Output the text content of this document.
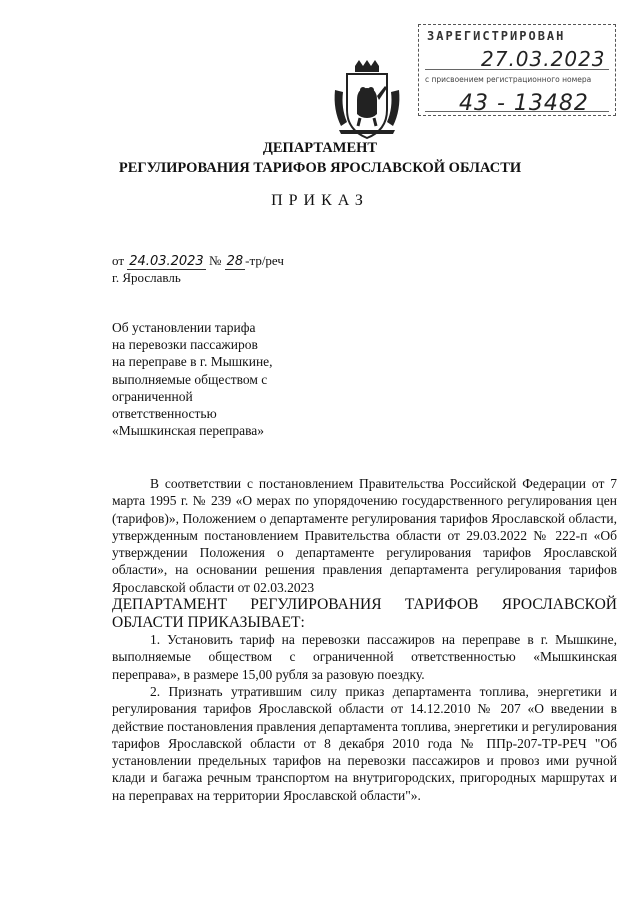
ЗАРЕГИСТРИРОВАН
27.03.2023
с присвоением регистрационного номера
43 - 13482
ДЕПАРТАМЕНТ
РЕГУЛИРОВАНИЯ ТАРИФОВ ЯРОСЛАВСКОЙ ОБЛАСТИ
ПРИКАЗ
от 24.03.2023 № 28 -тр/реч
г. Ярославль
Об установлении тарифа
на перевозки пассажиров
на переправе в г. Мышкине,
выполняемые обществом с
ограниченной
ответственностью
«Мышкинская переправа»

В соответствии с постановлением Правительства Российской Федерации от 7 марта 1995 г. № 239 «О мерах по упорядочению государственного регулирования цен (тарифов)», Положением о департаменте регулирования тарифов Ярославской области, утвержденным постановлением Правительства области от 29.03.2022 № 222-п «Об утверждении Положения о департаменте регулирования тарифов Ярославской области», на основании решения правления департамента регулирования тарифов Ярославской области от 02.03.2023

ДЕПАРТАМЕНТ РЕГУЛИРОВАНИЯ ТАРИФОВ ЯРОСЛАВСКОЙ ОБЛАСТИ ПРИКАЗЫВАЕТ:

1. Установить тариф на перевозки пассажиров на переправе в г. Мышкине, выполняемые обществом с ограниченной ответственностью «Мышкинская переправа», в размере 15,00 рубля за разовую поездку.

2. Признать утратившим силу приказ департамента топлива, энергетики и регулирования тарифов Ярославской области от 14.12.2010 № 207 «О введении в действие постановления правления департамента топлива, энергетики и регулирования тарифов Ярославской области от 8 декабря 2010 года № ППр-207-ТР-РЕЧ "Об установлении предельных тарифов на перевозки пассажиров и провоз ими ручной клади и багажа речным транспортом на внутригородских, пригородных маршрутах и на переправах на территории Ярославской области"».
